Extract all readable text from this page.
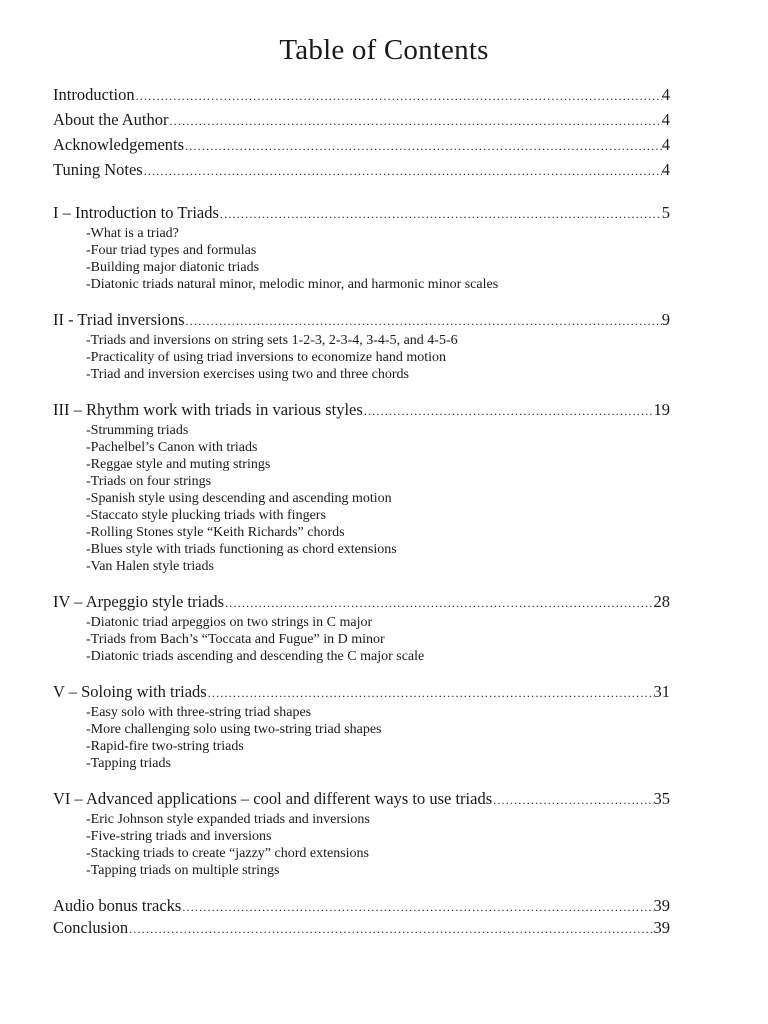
Table of Contents
Introduction .....	4
About the Author .....	4
Acknowledgements .....	4
Tuning Notes .....	4
I – Introduction to Triads .....	5
-What is a triad?
-Four triad types and formulas
-Building major diatonic triads
-Diatonic triads natural minor, melodic minor, and harmonic minor scales
II - Triad inversions .....	9
-Triads and inversions on string sets 1-2-3, 2-3-4, 3-4-5, and 4-5-6
-Practicality of using triad inversions to economize hand motion
-Triad and inversion exercises using two and three chords
III – Rhythm work with triads in various styles .....	19
-Strumming triads
-Pachelbel’s Canon with triads
-Reggae style and muting strings
-Triads on four strings
-Spanish style using descending and ascending motion
-Staccato style plucking triads with fingers
-Rolling Stones style “Keith Richards” chords
-Blues style with triads functioning as chord extensions
-Van Halen style triads
IV – Arpeggio style triads .....	28
-Diatonic triad arpeggios on two strings in C major
-Triads from Bach’s “Toccata and Fugue” in D minor
-Diatonic triads ascending and descending the C major scale
V – Soloing with triads .....	31
-Easy solo with three-string triad shapes
-More challenging solo using two-string triad shapes
-Rapid-fire two-string triads
-Tapping triads
VI – Advanced applications – cool and different ways to use triads .....	35
-Eric Johnson style expanded triads and inversions
-Five-string triads and inversions
-Stacking triads to create “jazzy” chord extensions
-Tapping triads on multiple strings
Audio bonus tracks .....	39
Conclusion .....	39
